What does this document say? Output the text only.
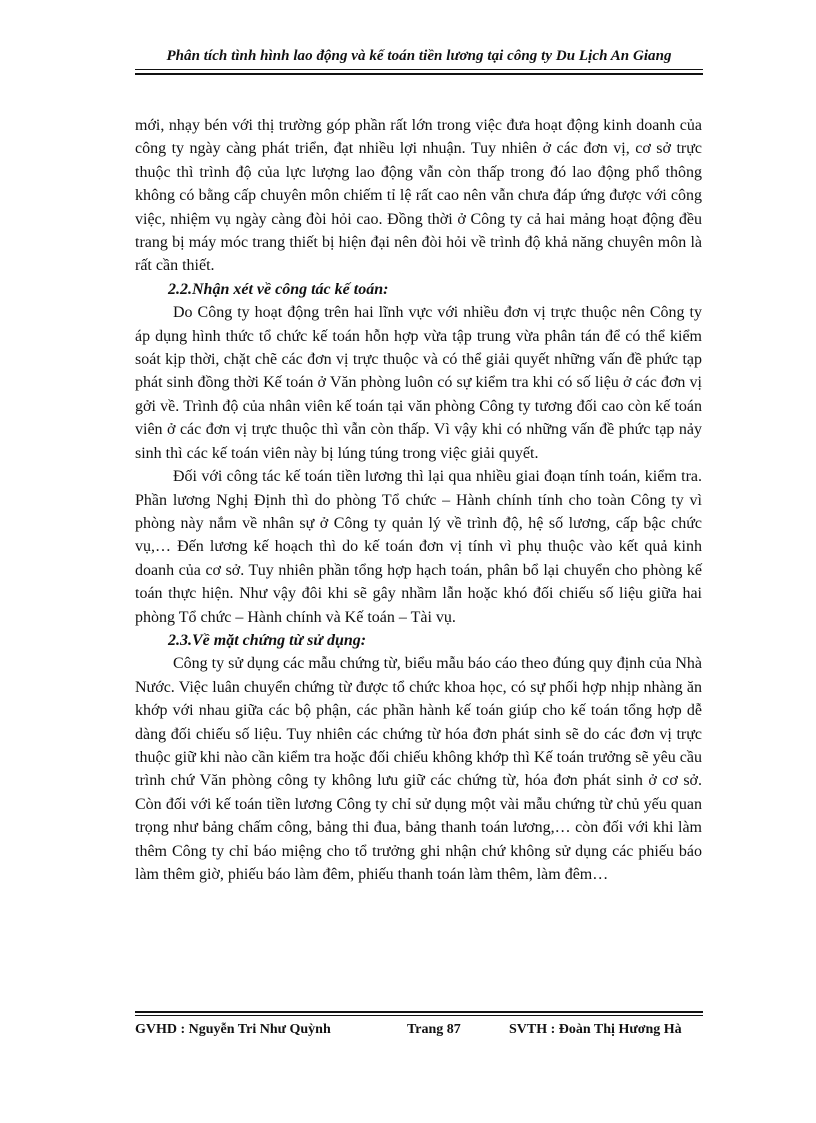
Phân tích tình hình lao động và kế toán tiền lương tại công ty Du Lịch An Giang

mới, nhạy bén với thị trường góp phần rất lớn trong việc đưa hoạt động kinh doanh của công ty ngày càng phát triển, đạt nhiều lợi nhuận. Tuy nhiên ở các đơn vị, cơ sở trực thuộc thì trình độ của lực lượng lao động vẫn còn thấp trong đó lao động phổ thông không có bằng cấp chuyên môn chiếm tỉ lệ rất cao nên vẫn chưa đáp ứng được với công việc, nhiệm vụ ngày càng đòi hỏi cao. Đồng thời ở Công ty cả hai mảng hoạt động đều trang bị máy móc trang thiết bị hiện đại nên đòi hỏi về trình độ khả năng chuyên môn là rất cần thiết.

2.2.Nhận xét về công tác kế toán:

Do Công ty hoạt động trên hai lĩnh vực với nhiều đơn vị trực thuộc nên Công ty áp dụng hình thức tổ chức kế toán hỗn hợp vừa tập trung vừa phân tán để có thể kiểm soát kịp thời, chặt chẽ các đơn vị trực thuộc và có thể giải quyết những vấn đề phức tạp phát sinh đồng thời Kế toán ở Văn phòng luôn có sự kiểm tra khi có số liệu ở các đơn vị gởi về. Trình độ của nhân viên kế toán tại văn phòng Công ty tương đối cao còn kế toán viên ở các đơn vị trực thuộc thì vẫn còn thấp. Vì vậy khi có những vấn đề phức tạp nảy sinh thì các kế toán viên này bị lúng túng trong việc giải quyết.

Đối với công tác kế toán tiền lương thì lại qua nhiều giai đoạn tính toán, kiểm tra. Phần lương Nghị Định thì do phòng Tổ chức – Hành chính tính cho toàn Công ty vì phòng này nắm về nhân sự ở Công ty quản lý về trình độ, hệ số lương, cấp bậc chức vụ,… Đến lương kế hoạch thì do kế toán đơn vị tính vì phụ thuộc vào kết quả kinh doanh của cơ sở. Tuy nhiên phần tổng hợp hạch toán, phân bổ lại chuyển cho phòng kế toán thực hiện. Như vậy đôi khi sẽ gây nhầm lẫn hoặc khó đối chiếu số liệu giữa hai phòng Tổ chức – Hành chính và Kế toán – Tài vụ.

2.3.Về mặt chứng từ sử dụng:

Công ty sử dụng các mẫu chứng từ, biểu mẫu báo cáo theo đúng quy định của Nhà Nước. Việc luân chuyển chứng từ được tổ chức khoa học, có sự phối hợp nhịp nhàng ăn khớp với nhau giữa các bộ phận, các phần hành kế toán giúp cho kế toán tổng hợp dễ dàng đối chiếu số liệu. Tuy nhiên các chứng từ hóa đơn phát sinh sẽ do các đơn vị trực thuộc giữ khi nào cần kiểm tra hoặc đối chiếu không khớp thì Kế toán trưởng sẽ yêu cầu trình chứ Văn phòng công ty không lưu giữ các chứng từ, hóa đơn phát sinh ở cơ sở. Còn đối với kế toán tiền lương Công ty chỉ sử dụng một vài mẫu chứng từ chủ yếu quan trọng như bảng chấm công, bảng thi đua, bảng thanh toán lương,… còn đối với khi làm thêm Công ty chỉ báo miệng cho tổ trưởng ghi nhận chứ không sử dụng các phiếu báo làm thêm giờ, phiếu báo làm đêm, phiếu thanh toán làm thêm, làm đêm…

GVHD : Nguyễn Tri Như Quỳnh	Trang 87	SVTH : Đoàn Thị Hương Hà
